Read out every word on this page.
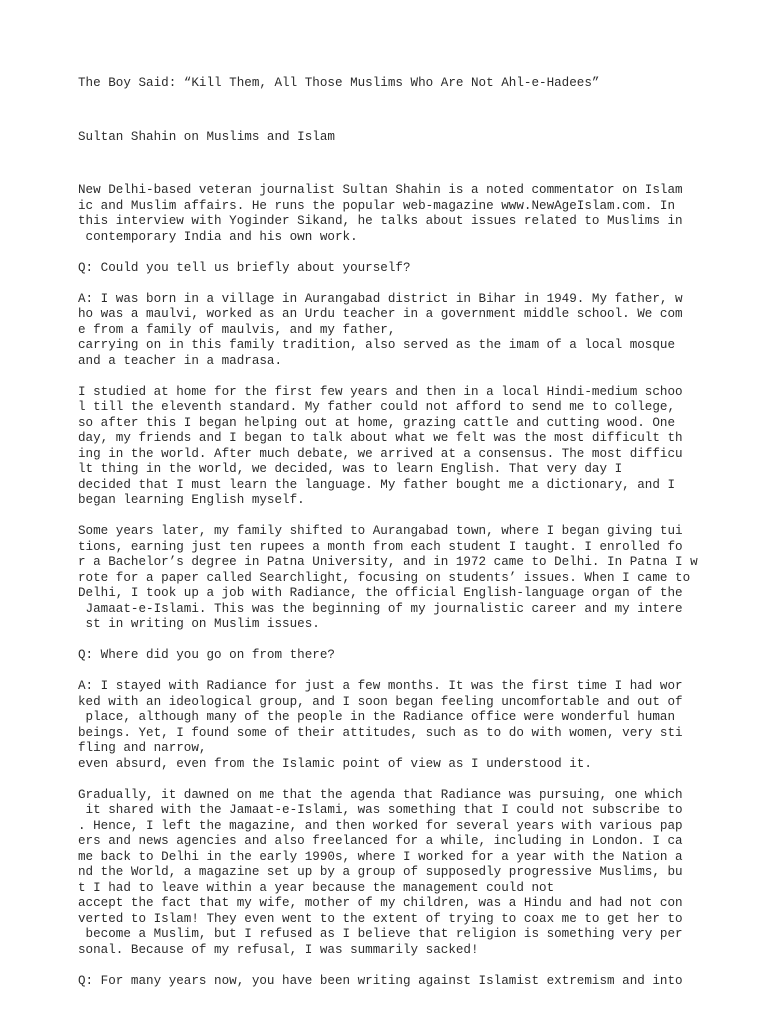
The Boy Said: “Kill Them, All Those Muslims Who Are Not Ahl-e-Hadees”
Sultan Shahin on Muslims and Islam
New Delhi-based veteran journalist Sultan Shahin is a noted commentator on Islam
ic and Muslim affairs. He runs the popular web-magazine www.NewAgeIslam.com. In
this interview with Yoginder Sikand, he talks about issues related to Muslims in
contemporary India and his own work.
Q: Could you tell us briefly about yourself?
A: I was born in a village in Aurangabad district in Bihar in 1949. My father, w
ho was a maulvi, worked as an Urdu teacher in a government middle school. We com
e from a family of maulvis, and my father,
carrying on in this family tradition, also served as the imam of a local mosque
and a teacher in a madrasa.
I studied at home for the first few years and then in a local Hindi-medium schoo
l till the eleventh standard. My father could not afford to send me to college,
so after this I began helping out at home, grazing cattle and cutting wood. One
day, my friends and I began to talk about what we felt was the most difficult th
ing in the world. After much debate, we arrived at a consensus. The most difficu
lt thing in the world, we decided, was to learn English. That very day I
decided that I must learn the language. My father bought me a dictionary, and I
began learning English myself.
Some years later, my family shifted to Aurangabad town, where I began giving tui
tions, earning just ten rupees a month from each student I taught. I enrolled fo
r a Bachelor’s degree in Patna University, and in 1972 came to Delhi. In Patna I w
rote for a paper called Searchlight, focusing on students’ issues. When I came to
Delhi, I took up a job with Radiance, the official English-language organ of the
Jamaat-e-Islami. This was the beginning of my journalistic career and my intere
st in writing on Muslim issues.
Q: Where did you go on from there?
A: I stayed with Radiance for just a few months. It was the first time I had wor
ked with an ideological group, and I soon began feeling uncomfortable and out of
place, although many of the people in the Radiance office were wonderful human
beings. Yet, I found some of their attitudes, such as to do with women, very sti
fling and narrow,
even absurd, even from the Islamic point of view as I understood it.
Gradually, it dawned on me that the agenda that Radiance was pursuing, one which
it shared with the Jamaat-e-Islami, was something that I could not subscribe to
. Hence, I left the magazine, and then worked for several years with various pap
ers and news agencies and also freelanced for a while, including in London. I ca
me back to Delhi in the early 1990s, where I worked for a year with the Nation a
nd the World, a magazine set up by a group of supposedly progressive Muslims, bu
t I had to leave within a year because the management could not
accept the fact that my wife, mother of my children, was a Hindu and had not con
verted to Islam! They even went to the extent of trying to coax me to get her to
become a Muslim, but I refused as I believe that religion is something very per
sonal. Because of my refusal, I was summarily sacked!
Q: For many years now, you have been writing against Islamist extremism and into
